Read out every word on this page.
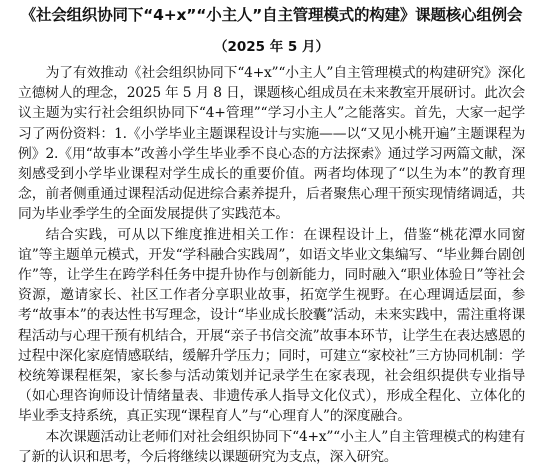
《社会组织协同下“4+x”“小主人”自主管理模式的构建》课题核心组例会
（2025 年 5 月）

为了有效推动《社会组织协同下“4+x”“小主人”自主管理模式的构建研究》深化立德树人的理念，2025 年 5 月 8 日，课题核心组成员在未来教室开展研讨。此次会议主题为实行社会组织协同下“4+管理”“学习小主人”之能落实。首先，大家一起学习了两份资料：1.《小学毕业主题课程设计与实施——以“又见小桃开遍”主题课程为例》2.《用“故事本”改善小学生毕业季不良心态的方法探索》通过学习两篇文献，深刻感受到小学毕业课程对学生成长的重要价值。两者均体现了“以生为本”的教育理念，前者侧重通过课程活动促进综合素养提升，后者聚焦心理干预实现情绪调适，共同为毕业季学生的全面发展提供了实践范本。

结合实践，可从以下维度推进相关工作：在课程设计上，借鉴“桃花潭水同窗谊”等主题单元模式，开发“学科融合实践周”，如语文毕业文集编写、“毕业舞台剧创作”等，让学生在跨学科任务中提升协作与创新能力，同时融入“职业体验日”等社会资源，邀请家长、社区工作者分享职业故事，拓宽学生视野。在心理调适层面，参考“故事本”的表达性书写理念，设计“毕业成长胶囊”活动，未来实践中，需注重将课程活动与心理干预有机结合，开展“亲子书信交流”故事本环节，让学生在表达感恩的过程中深化家庭情感联结，缓解升学压力；同时，可建立“家校社”三方协同机制：学校统筹课程框架，家长参与活动策划并记录学生在家表现，社会组织提供专业指导（如心理咨询师设计情绪量表、非遗传承人指导文化仪式），形成全程化、立体化的毕业季支持系统，真正实现“课程育人”与“心理育人”的深度融合。

本次课题活动让老师们对社会组织协同下“4+x”“小主人”自主管理模式的构建有了新的认识和思考，今后将继续以课题研究为支点，深入研究。
